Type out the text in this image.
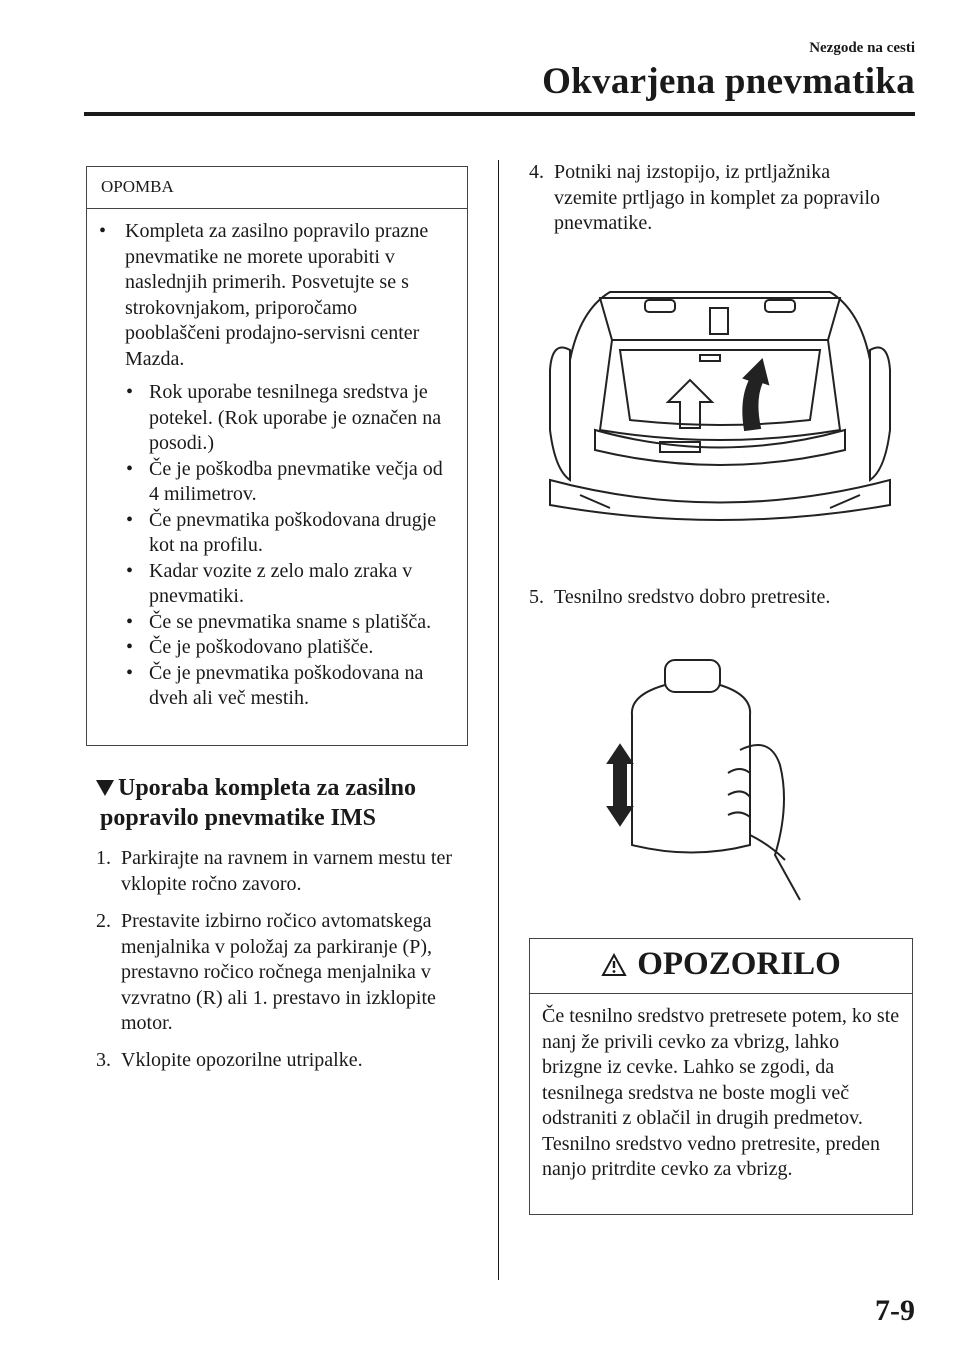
Nezgode na cesti
Okvarjena pnevmatika
OPOMBA
• Kompleta za zasilno popravilo prazne pnevmatike ne morete uporabiti v naslednjih primerih. Posvetujte se s strokovnjakom, priporočamo pooblaščeni prodajno-servisni center Mazda.
• Rok uporabe tesnilnega sredstva je potekel. (Rok uporabe je označen na posodi.)
• Če je poškodba pnevmatike večja od 4 milimetrov.
• Če pnevmatika poškodovana drugje kot na profilu.
• Kadar vozite z zelo malo zraka v pnevmatiki.
• Če se pnevmatika sname s platišča.
• Če je poškodovano platišče.
• Če je pnevmatika poškodovana na dveh ali več mestih.
Uporaba kompleta za zasilno
popravilo pnevmatike IMS
1. Parkirajte na ravnem in varnem mestu ter vklopite ročno zavoro.
2. Prestavite izbirno ročico avtomatskega menjalnika v položaj za parkiranje (P), prestavno ročico ročnega menjalnika v vzvratno (R) ali 1. prestavo in izklopite motor.
3. Vklopite opozorilne utripalke.
4. Potniki naj izstopijo, iz prtljažnika vzemite prtljago in komplet za popravilo pnevmatike.
5. Tesnilno sredstvo dobro pretresite.
OPOZORILO
Če tesnilno sredstvo pretresete potem, ko ste nanj že privili cevko za vbrizg, lahko brizgne iz cevke. Lahko se zgodi, da tesnilnega sredstva ne boste mogli več odstraniti z oblačil in drugih predmetov. Tesnilno sredstvo vedno pretresite, preden nanjo pritrdite cevko za vbrizg.
7-9
